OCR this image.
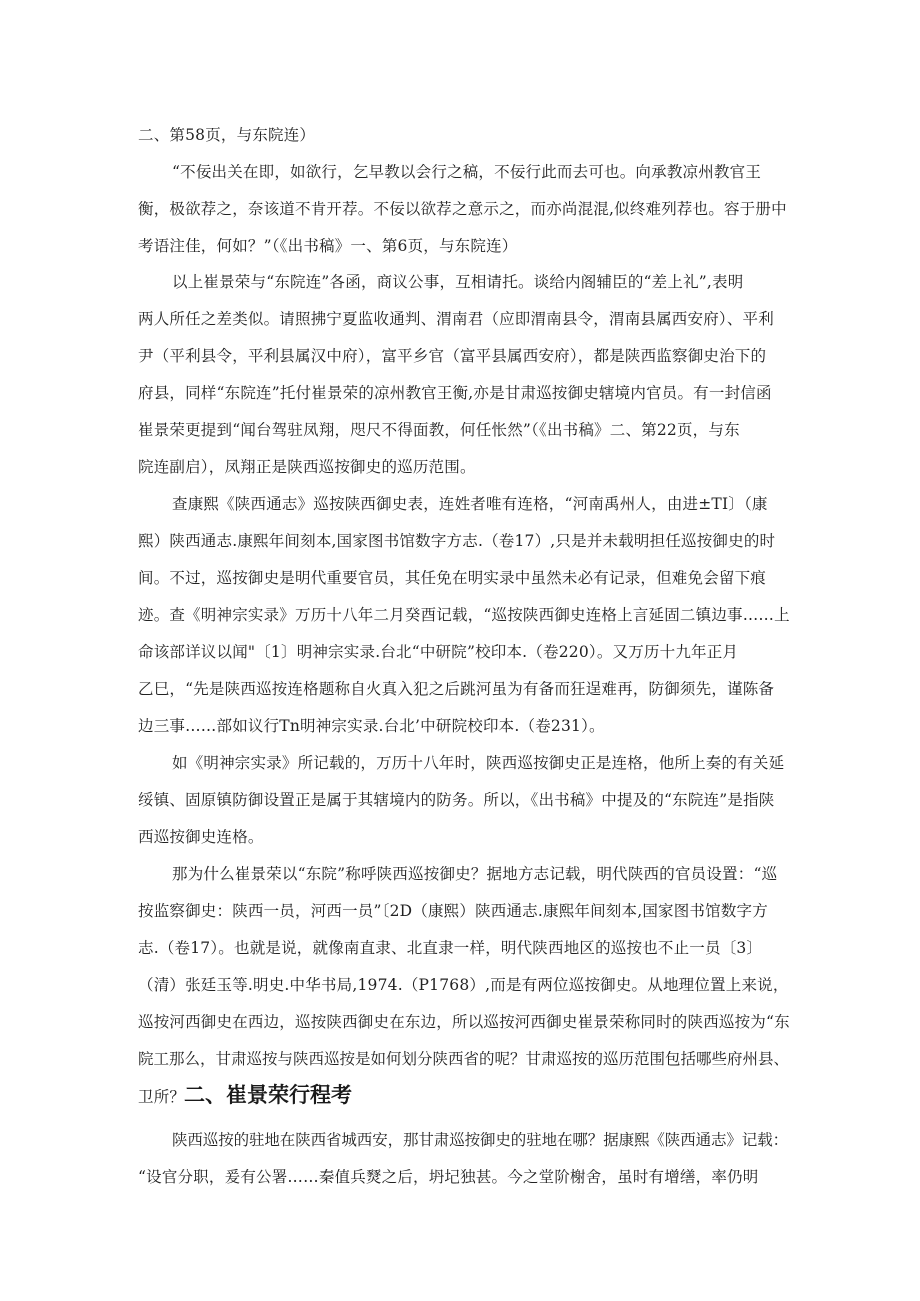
二、第58页，与东院连）
“不佞出关在即，如欲行，乞早教以会行之稿，不佞行此而去可也。向承教凉州教官王
衡，极欲荐之，奈该道不肯开荐。不佞以欲荐之意示之，而亦尚混混,似终难列荐也。容于册中
考语注佳，何如？”（《出书稿》一、第6页，与东院连）
以上崔景荣与“东院连”各函，商议公事，互相请托。谈给内阁辅臣的“差上礼”,表明
两人所任之差类似。请照拂宁夏监收通判、渭南君（应即渭南县令，渭南县属西安府）、平利
尹（平利县令，平利县属汉中府），富平乡官（富平县属西安府），都是陕西监察御史治下的
府县，同样“东院连”托付崔景荣的凉州教官王衡,亦是甘肃巡按御史辖境内官员。有一封信函
崔景荣更提到“闻台驾驻凤翔，咫尺不得面教，何任怅然”（《出书稿》二、第22页，与东
院连副启），凤翔正是陕西巡按御史的巡历范围。
查康熙《陕西通志》巡按陕西御史表，连姓者唯有连格，“河南禹州人，由进±TI〕（康
熙）陕西通志.康熙年间刻本,国家图书馆数字方志.（卷17）,只是并未载明担任巡按御史的时
间。不过，巡按御史是明代重要官员，其任免在明实录中虽然未必有记录，但难免会留下痕
迹。查《明神宗实录》万历十八年二月癸酉记载，“巡按陕西御史连格上言延固二镇边事……上
命该部详议以闻"〔1〕明神宗实录.台北“中研院”校印本.（卷220）。又万历十九年正月
乙巳，“先是陕西巡按连格题称自火真入犯之后跳河虽为有备而狂逞难再，防御须先，谨陈备
边三事……部如议行Tn明神宗实录.台北’中研院校印本.（卷231）。
如《明神宗实录》所记载的，万历十八年时，陕西巡按御史正是连格，他所上奏的有关延
绥镇、固原镇防御设置正是属于其辖境内的防务。所以，《出书稿》中提及的“东院连”是指陕
西巡按御史连格。
那为什么崔景荣以“东院”称呼陕西巡按御史？据地方志记载，明代陕西的官员设置：“巡
按监察御史：陕西一员，河西一员”〔2D（康熙）陕西通志.康熙年间刻本,国家图书馆数字方
志.（卷17）。也就是说，就像南直隶、北直隶一样，明代陕西地区的巡按也不止一员〔3〕
（清）张廷玉等.明史.中华书局,1974.（P1768）,而是有两位巡按御史。从地理位置上来说，
巡按河西御史在西边，巡按陕西御史在东边，所以巡按河西御史崔景荣称同时的陕西巡按为“东
院工那么，甘肃巡按与陕西巡按是如何划分陕西省的呢？甘肃巡按的巡历范围包括哪些府州县、
卫所？
二、崔景荣行程考
陕西巡按的驻地在陕西省城西安，那甘肃巡按御史的驻地在哪？据康熙《陕西通志》记载：
“设官分职，爰有公署……秦值兵燹之后，坍圮独甚。今之堂阶榭舍，虽时有增缮，率仍明
